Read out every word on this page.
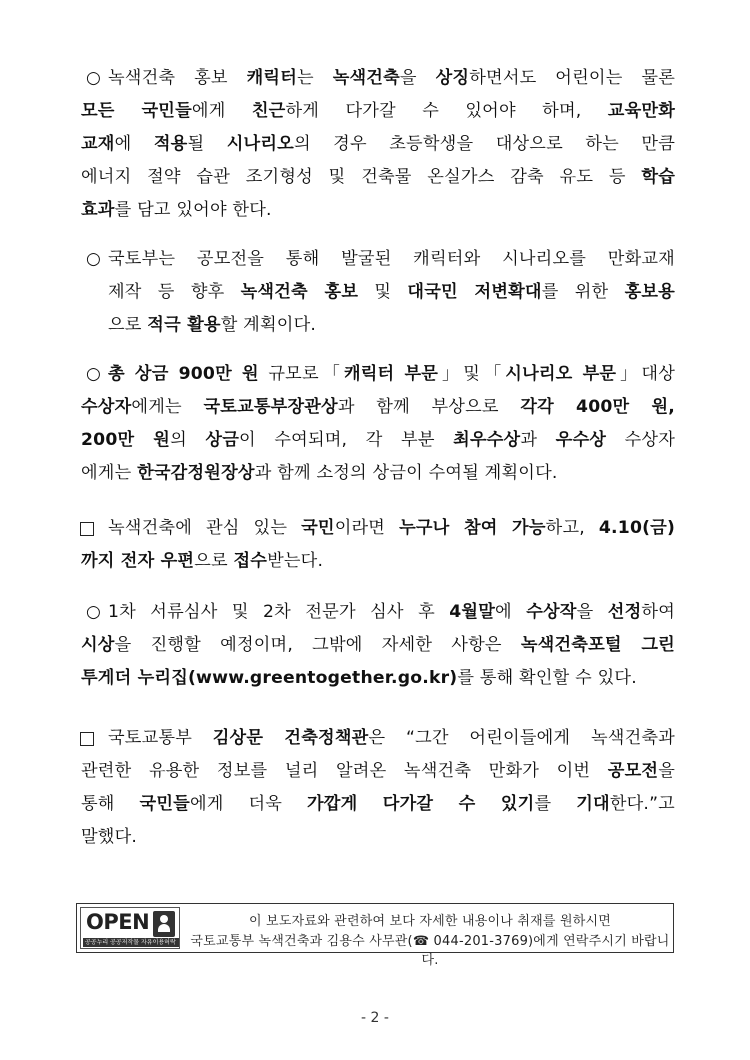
○ 녹색건축 홍보 캐릭터는 녹색건축을 상징하면서도 어린이는 물론
모든 국민들에게 친근하게 다가갈 수 있어야 하며, 교육만화
교재에 적용될 시나리오의 경우 초등학생을 대상으로 하는 만큼
에너지 절약 습관 조기형성 및 건축물 온실가스 감축 유도 등 학습
효과를 담고 있어야 한다.
○ 국토부는 공모전을 통해 발굴된 캐릭터와 시나리오를 만화교재
제작 등 향후 녹색건축 홍보 및 대국민 저변확대를 위한 홍보용
으로 적극 활용할 계획이다.
○ 총 상금 900만 원 규모로「캐릭터 부문」및「시나리오 부문」대상
수상자에게는 국토교통부장관상과 함께 부상으로 각각 400만 원,
200만 원의 상금이 수여되며, 각 부분 최우수상과 우수상 수상자
에게는 한국감정원장상과 함께 소정의 상금이 수여될 계획이다.
녹색건축에 관심 있는 국민이라면 누구나 참여 가능하고, 4.10(금)
까지 전자 우편으로 접수받는다.
○ 1차 서류심사 및 2차 전문가 심사 후 4월말에 수상작을 선정하여
시상을 진행할 예정이며, 그밖에 자세한 사항은 녹색건축포털 그린
투게더 누리집(www.greentogether.go.kr)를 통해 확인할 수 있다.
국토교통부 김상문 건축정책관은 “그간 어린이들에게 녹색건축과
관련한 유용한 정보를 널리 알려온 녹색건축 만화가 이번 공모전을
통해 국민들에게 더욱 가깝게 다가갈 수 있기를 기대한다.”고
말했다.
OPEN
공공누리 공공저작물 자유이용허락
이 보도자료와 관련하여 보다 자세한 내용이나 취재를 원하시면
국토교통부 녹색건축과 김용수 사무관(☎ 044-201-3769)에게 연락주시기 바랍니다.
- 2 -
